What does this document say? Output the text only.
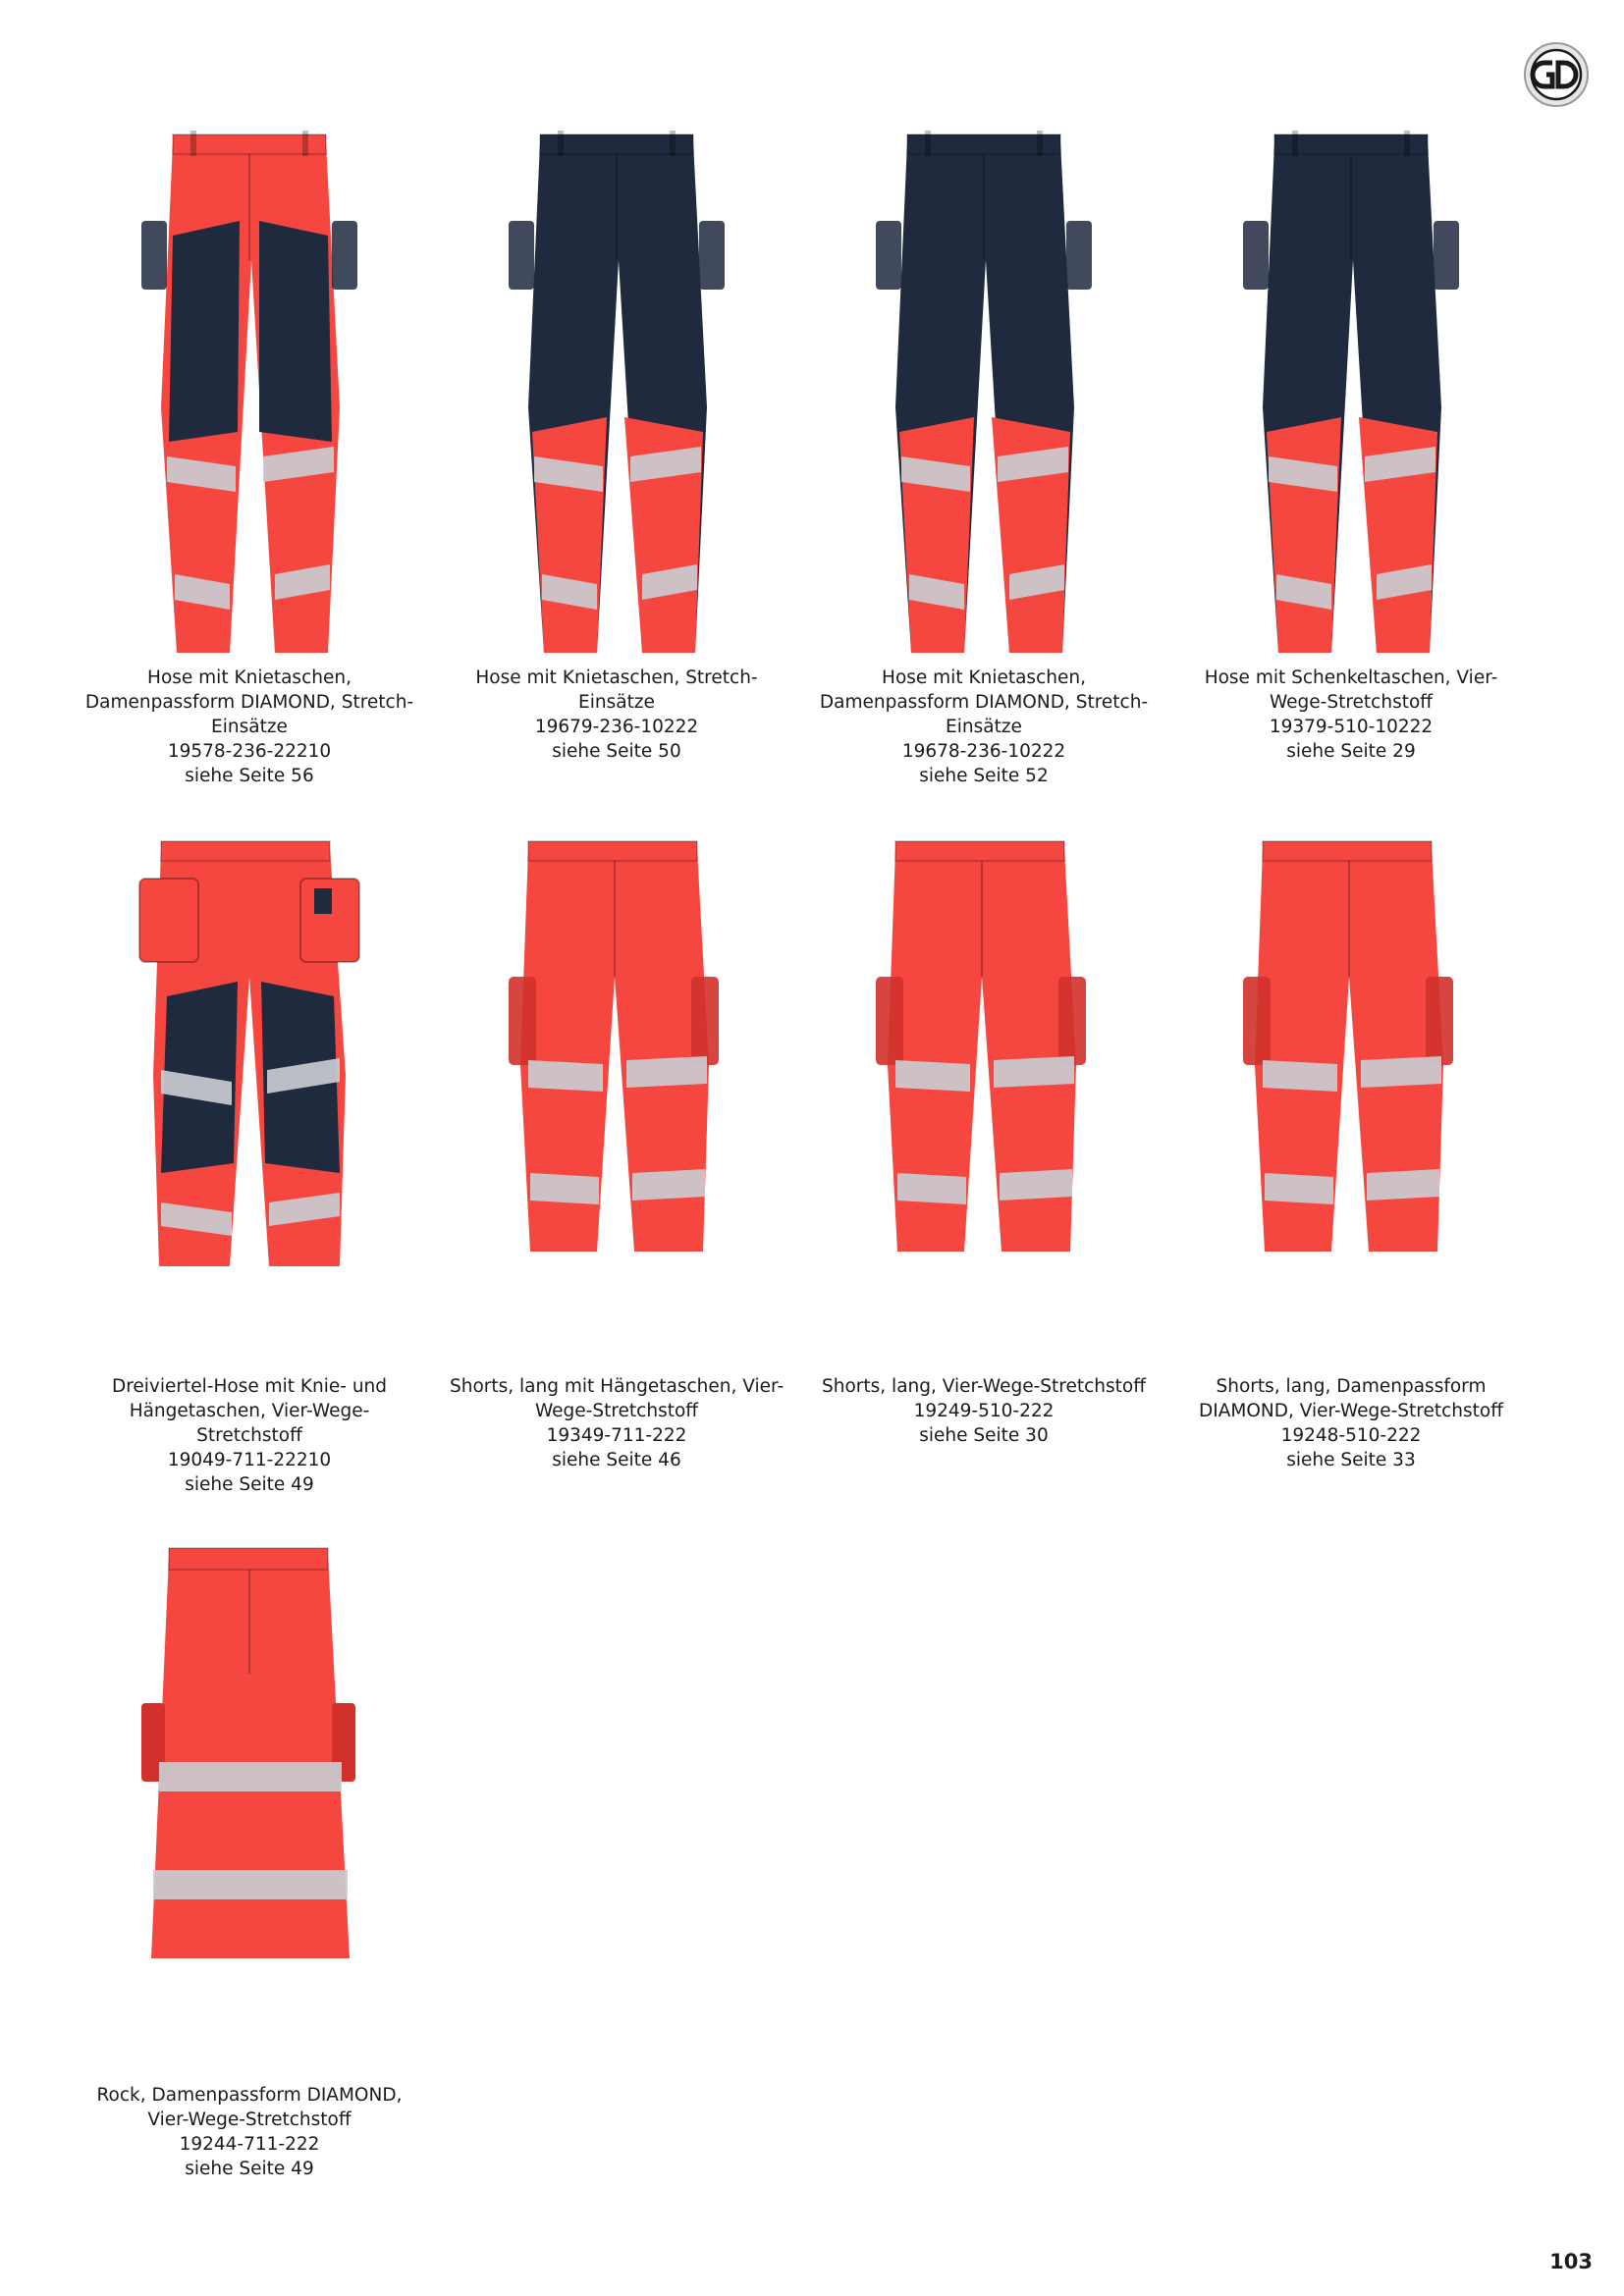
Hose mit Knietaschen,
Damenpassform DIAMOND, Stretch-
Einsätze
19578-236-22210
siehe Seite 56
Hose mit Knietaschen, Stretch-
Einsätze
19679-236-10222
siehe Seite 50
Hose mit Knietaschen,
Damenpassform DIAMOND, Stretch-
Einsätze
19678-236-10222
siehe Seite 52
Hose mit Schenkeltaschen, Vier-
Wege-Stretchstoff
19379-510-10222
siehe Seite 29
Dreiviertel-Hose mit Knie- und
Hängetaschen, Vier-Wege-
Stretchstoff
19049-711-22210
siehe Seite 49
Shorts, lang mit Hängetaschen, Vier-
Wege-Stretchstoff
19349-711-222
siehe Seite 46
Shorts, lang, Vier-Wege-Stretchstoff
19249-510-222
siehe Seite 30
Shorts, lang, Damenpassform
DIAMOND, Vier-Wege-Stretchstoff
19248-510-222
siehe Seite 33
Rock, Damenpassform DIAMOND,
Vier-Wege-Stretchstoff
19244-711-222
siehe Seite 49
103
